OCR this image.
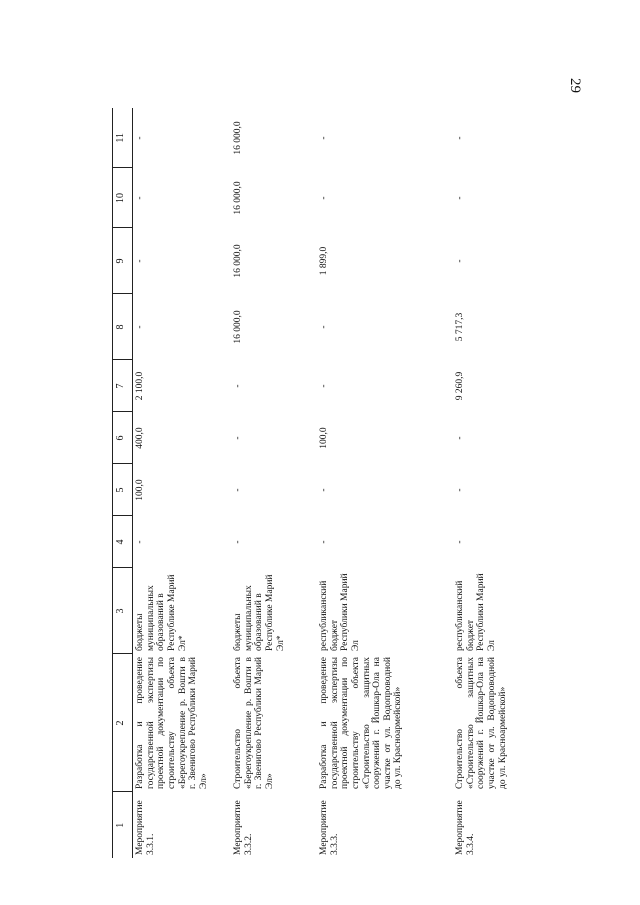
29
1	2	3	4	5	6	7	8	9	10	11
Мероприятие 3.3.1.	Разработка и проведение государственной экспертизы проектной документации по строительству объекта «Берегоукрепление р. Вошти в г. Звенигово Республики Марий Эл»	бюджеты муниципальных образований в Республике Марий Эл*	-	100,0	400,0	2 100,0	-	-	-	-
Мероприятие 3.3.2.	Строительство объекта «Берегоукрепление р. Вошти в г. Звенигово Республики Марий Эл»	бюджеты муниципальных образований в Республике Марий Эл*	-	-	-	-	16 000,0	16 000,0	16 000,0	16 000,0
Мероприятие 3.3.3.	Разработка и проведение государственной экспертизы проектной документации по строительству объекта «Строительство защитных сооружений г. Йошкар-Ола на участке от ул. Водопроводной до ул. Красноармейской»	республиканский бюджет Республики Марий Эл	-	-	100,0	-	-	1 899,0	-	-
Мероприятие 3.3.4.	Строительство объекта «Строительство защитных сооружений г. Йошкар-Ола на участке от ул. Водопроводной до ул. Красноармейской»	республиканский бюджет Республики Марий Эл	-	-	-	9 260,9	5 717,3	-	-	-
